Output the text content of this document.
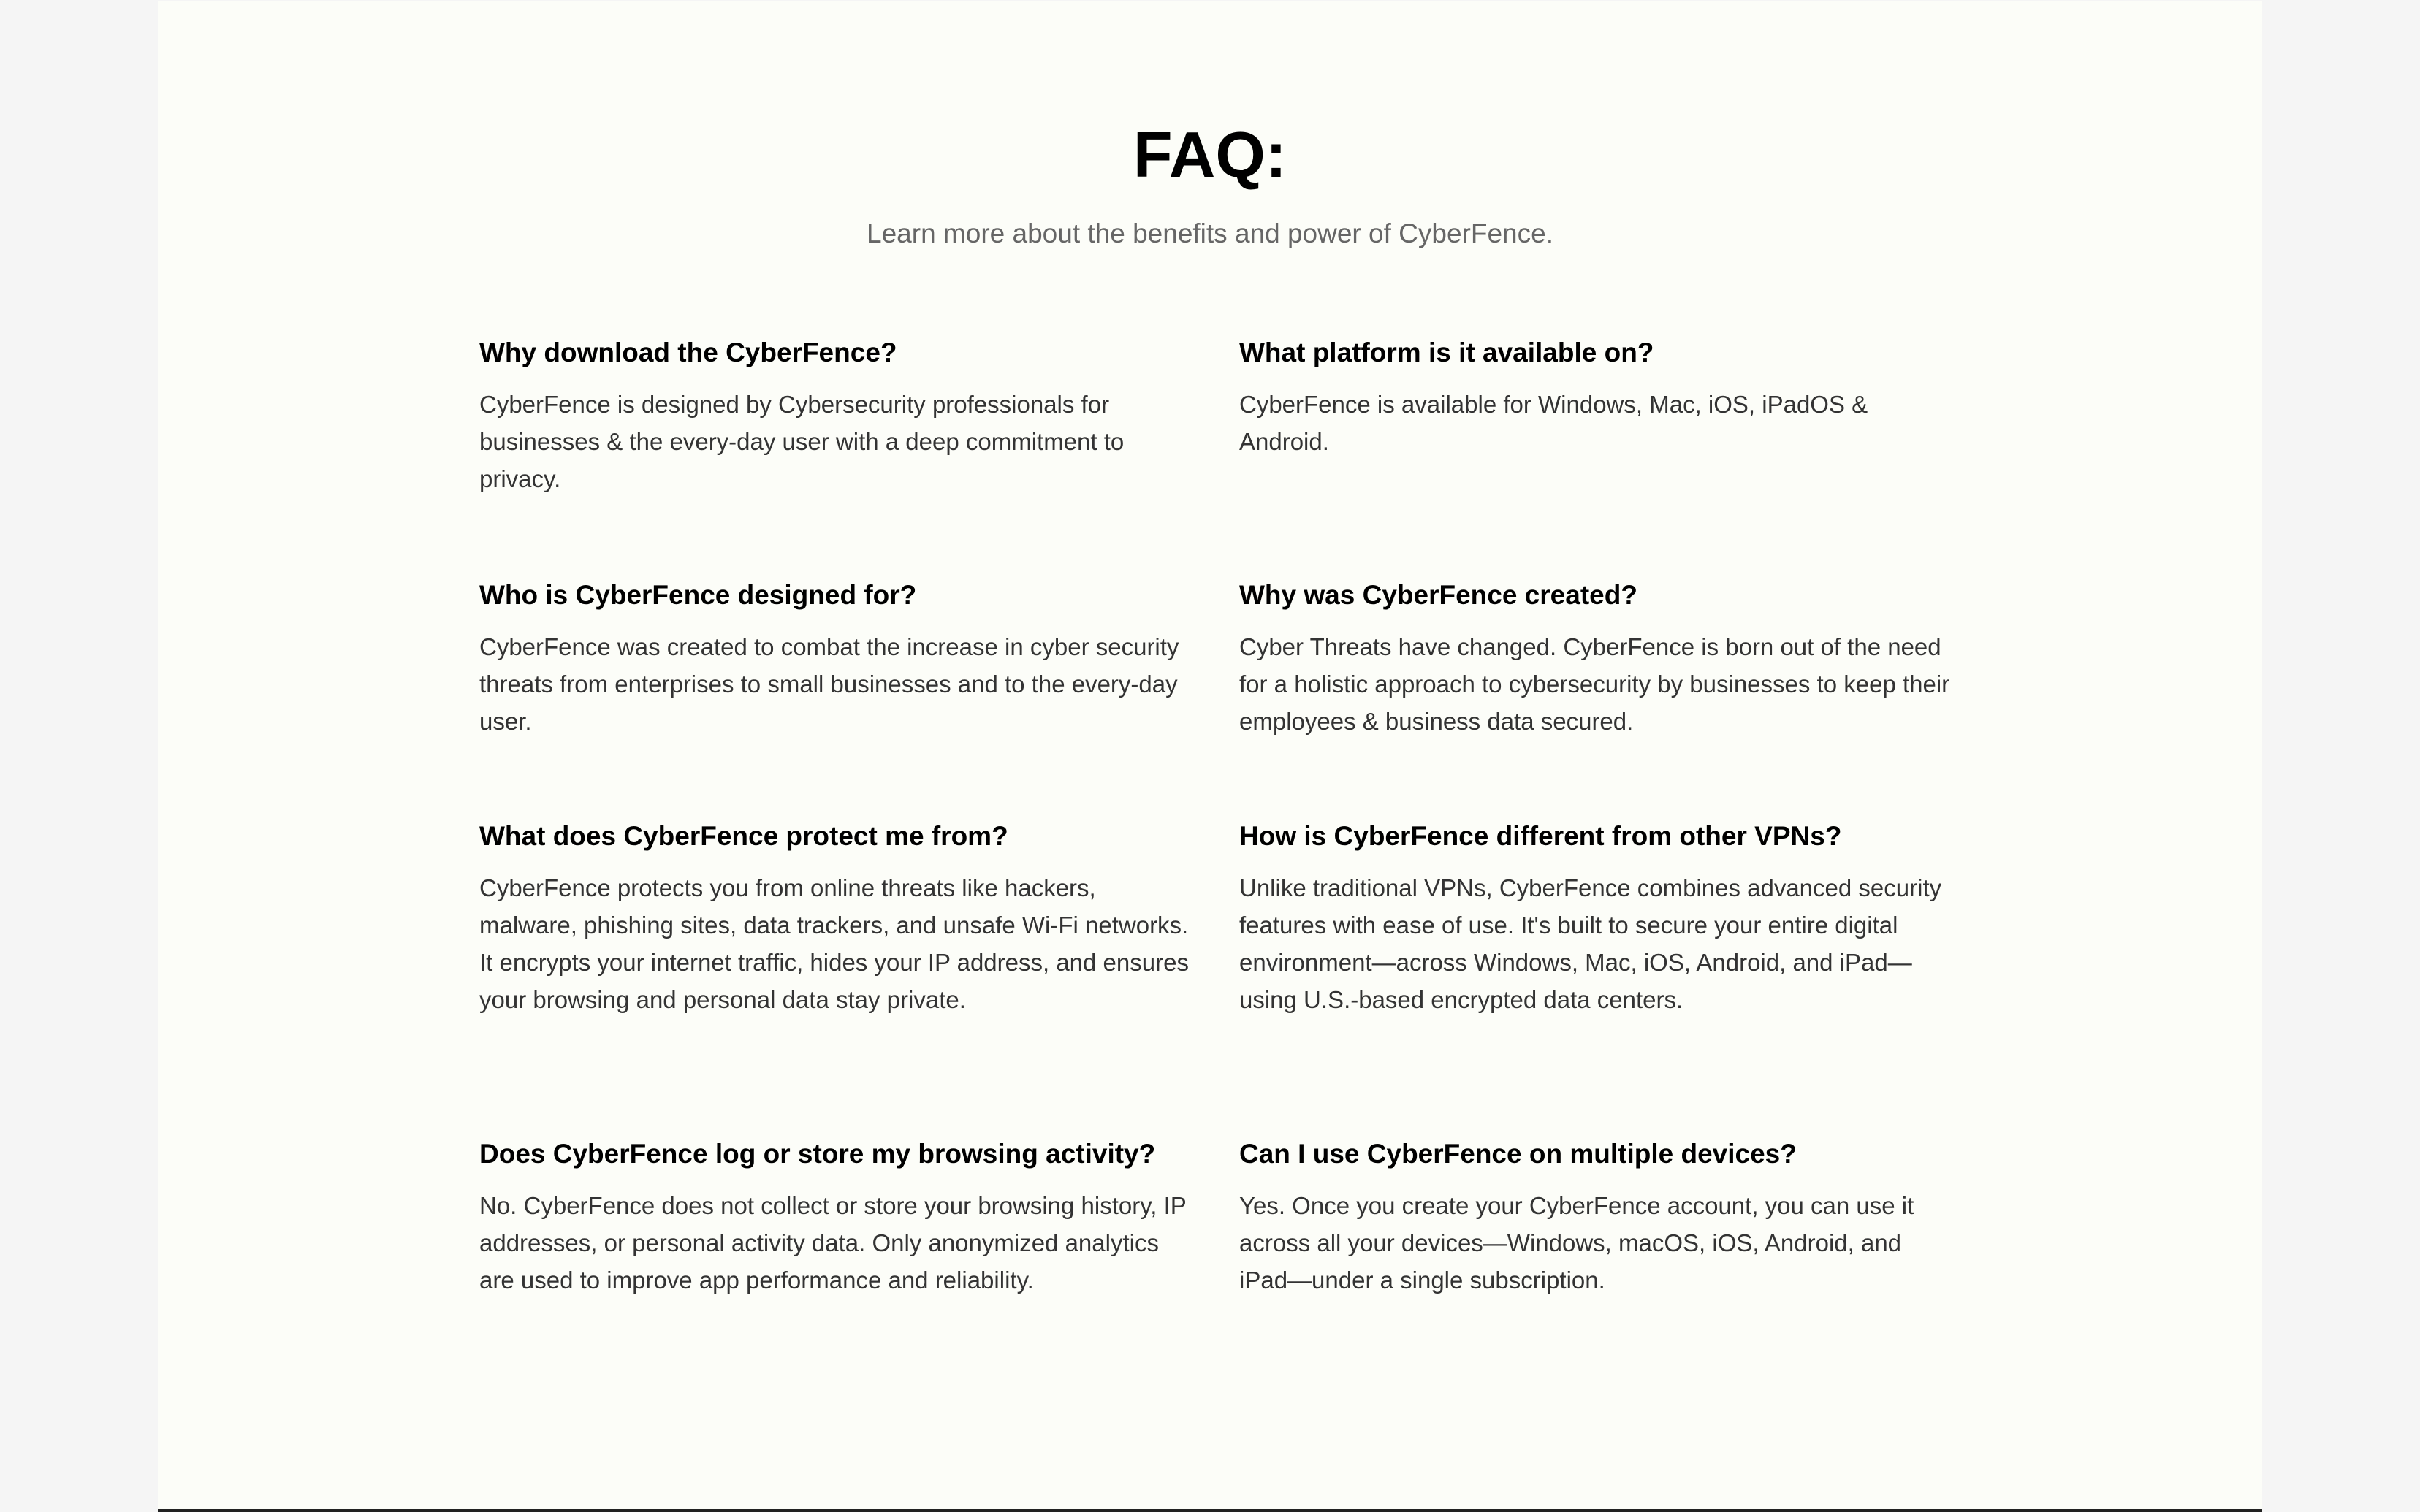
FAQ:

Learn more about the benefits and power of CyberFence.

Why download the CyberFence?

CyberFence is designed by Cybersecurity professionals for businesses & the every-day user with a deep commitment to privacy.

What platform is it available on?

CyberFence is available for Windows, Mac, iOS, iPadOS & Android.

Who is CyberFence designed for?

CyberFence was created to combat the increase in cyber security threats from enterprises to small businesses and to the every-day user.

Why was CyberFence created?

Cyber Threats have changed. CyberFence is born out of the need for a holistic approach to cybersecurity by businesses to keep their employees & business data secured.

What does CyberFence protect me from?

CyberFence protects you from online threats like hackers, malware, phishing sites, data trackers, and unsafe Wi-Fi networks. It encrypts your internet traffic, hides your IP address, and ensures your browsing and personal data stay private.

How is CyberFence different from other VPNs?

Unlike traditional VPNs, CyberFence combines advanced security features with ease of use. It's built to secure your entire digital environment—across Windows, Mac, iOS, Android, and iPad—using U.S.-based encrypted data centers.

Does CyberFence log or store my browsing activity?

No. CyberFence does not collect or store your browsing history, IP addresses, or personal activity data. Only anonymized analytics are used to improve app performance and reliability.

Can I use CyberFence on multiple devices?

Yes. Once you create your CyberFence account, you can use it across all your devices—Windows, macOS, iOS, Android, and iPad—under a single subscription.
